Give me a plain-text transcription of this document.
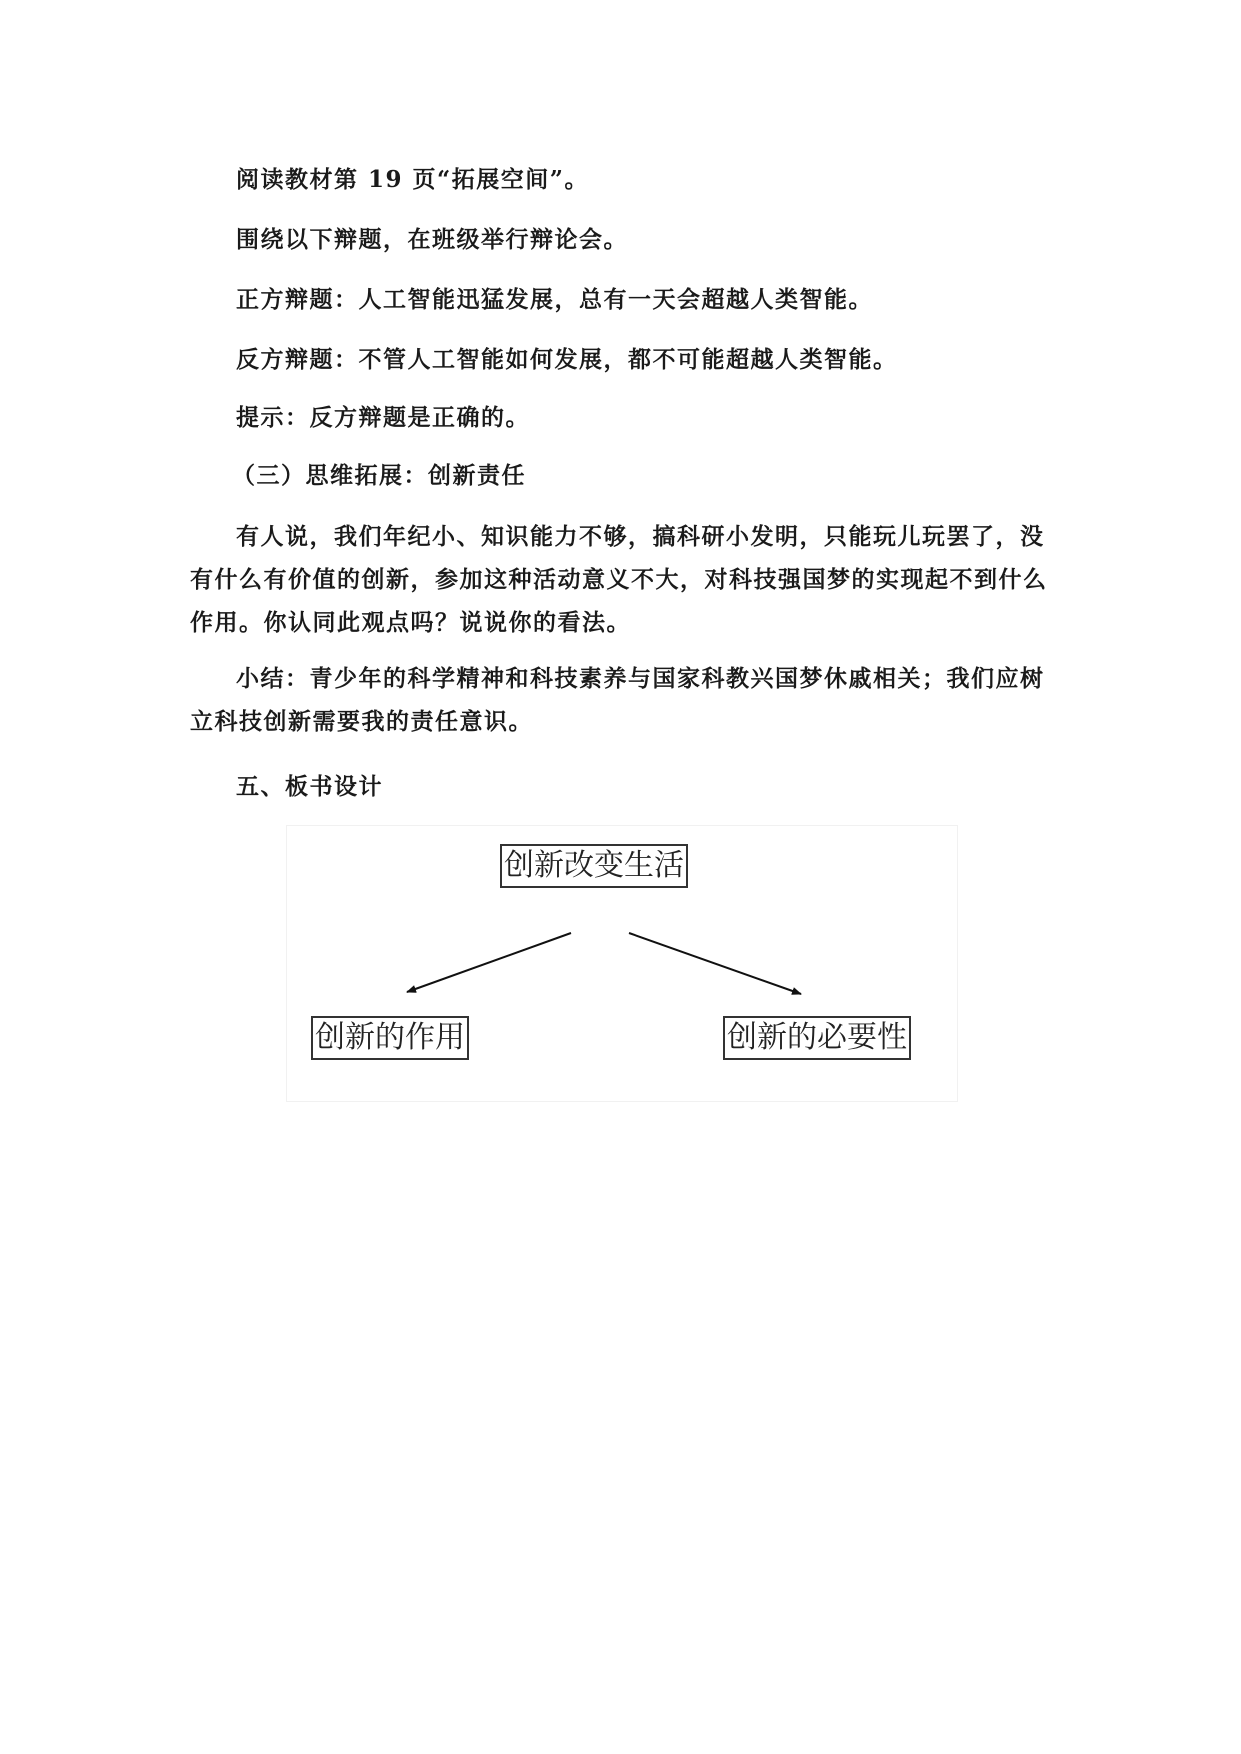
阅读教材第 19 页“拓展空间”。

围绕以下辩题，在班级举行辩论会。

正方辩题：人工智能迅猛发展，总有一天会超越人类智能。

反方辩题：不管人工智能如何发展，都不可能超越人类智能。

提示：反方辩题是正确的。

（三）思维拓展：创新责任

有人说，我们年纪小、知识能力不够，搞科研小发明，只能玩儿玩罢了，没有什么有价值的创新，参加这种活动意义不大，对科技强国梦的实现起不到什么作用。你认同此观点吗？说说你的看法。

小结：青少年的科学精神和科技素养与国家科教兴国梦休戚相关；我们应树立科技创新需要我的责任意识。

五、板书设计

创新改变生活
创新的作用	创新的必要性
